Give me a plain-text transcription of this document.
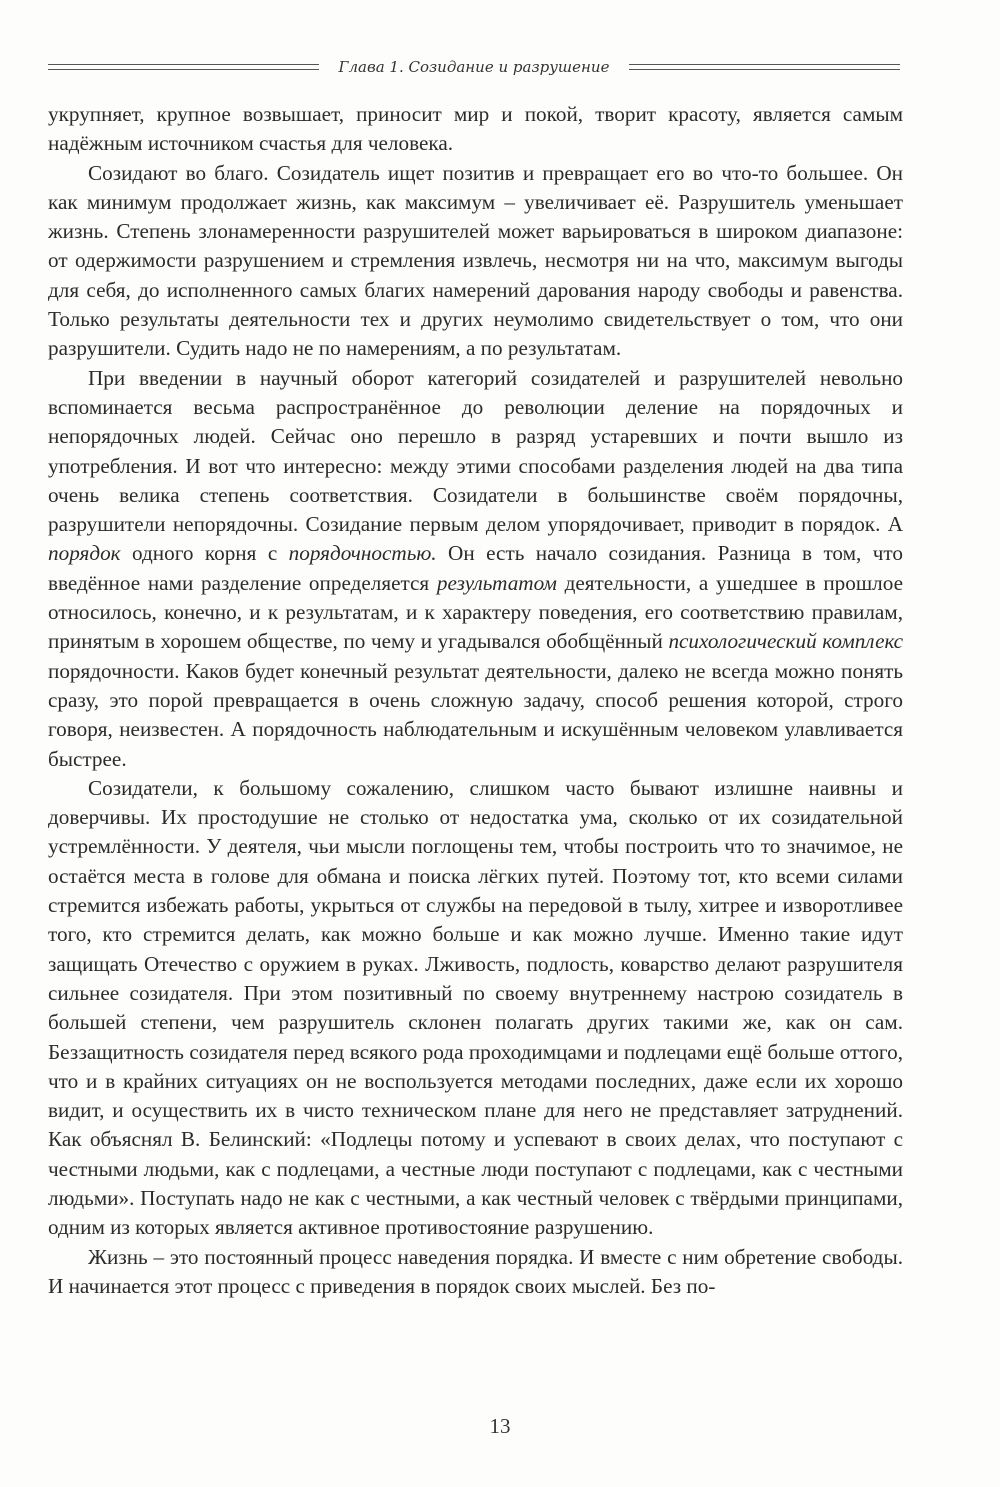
Глава 1. Созидание и разрушение

укрупняет, крупное возвышает, приносит мир и покой, творит красоту, является самым надёжным источником счастья для человека.

Созидают во благо. Созидатель ищет позитив и превращает его во что-то большее. Он как минимум продолжает жизнь, как максимум – увеличивает её. Разрушитель уменьшает жизнь. Степень злонамеренности разрушителей может варьироваться в широком диапазоне: от одержимости разрушением и стремления извлечь, несмотря ни на что, максимум выгоды для себя, до исполненного самых благих намерений дарования народу свободы и равенства. Только результаты деятельности тех и других неумолимо свидетельствует о том, что они разрушители. Судить надо не по намерениям, а по результатам.

При введении в научный оборот категорий созидателей и разрушителей невольно вспоминается весьма распространённое до революции деление на порядочных и непорядочных людей. Сейчас оно перешло в разряд устаревших и почти вышло из употребления. И вот что интересно: между этими способами разделения людей на два типа очень велика степень соответствия. Созидатели в большинстве своём порядочны, разрушители непорядочны. Созидание первым делом упорядочивает, приводит в порядок. А порядок одного корня с порядочностью. Он есть начало созидания. Разница в том, что введённое нами разделение определяется результатом деятельности, а ушедшее в прошлое относилось, конечно, и к результатам, и к характеру поведения, его соответствию правилам, принятым в хорошем обществе, по чему и угадывался обобщённый психологический комплекс порядочности. Каков будет конечный результат деятельности, далеко не всегда можно понять сразу, это порой превращается в очень сложную задачу, способ решения которой, строго говоря, неизвестен. А порядочность наблюдательным и искушённым человеком улавливается быстрее.

Созидатели, к большому сожалению, слишком часто бывают излишне наивны и доверчивы. Их простодушие не столько от недостатка ума, сколько от их созидательной устремлённости. У деятеля, чьи мысли поглощены тем, чтобы построить что то значимое, не остаётся места в голове для обмана и поиска лёгких путей. Поэтому тот, кто всеми силами стремится избежать работы, укрыться от службы на передовой в тылу, хитрее и изворотливее того, кто стремится делать, как можно больше и как можно лучше. Именно такие идут защищать Отечество с оружием в руках. Лживость, подлость, коварство делают разрушителя сильнее созидателя. При этом позитивный по своему внутреннему настрою созидатель в большей степени, чем разрушитель склонен полагать других такими же, как он сам. Беззащитность созидателя перед всякого рода проходимцами и подлецами ещё больше оттого, что и в крайних ситуациях он не воспользуется методами последних, даже если их хорошо видит, и осуществить их в чисто техническом плане для него не представляет затруднений. Как объяснял В. Белинский: «Подлецы потому и успевают в своих делах, что поступают с честными людьми, как с подлецами, а честные люди поступают с подлецами, как с честными людьми». Поступать надо не как с честными, а как честный человек с твёрдыми принципами, одним из которых является активное противостояние разрушению.

Жизнь – это постоянный процесс наведения порядка. И вместе с ним обретение свободы. И начинается этот процесс с приведения в порядок своих мыслей. Без по-

13
